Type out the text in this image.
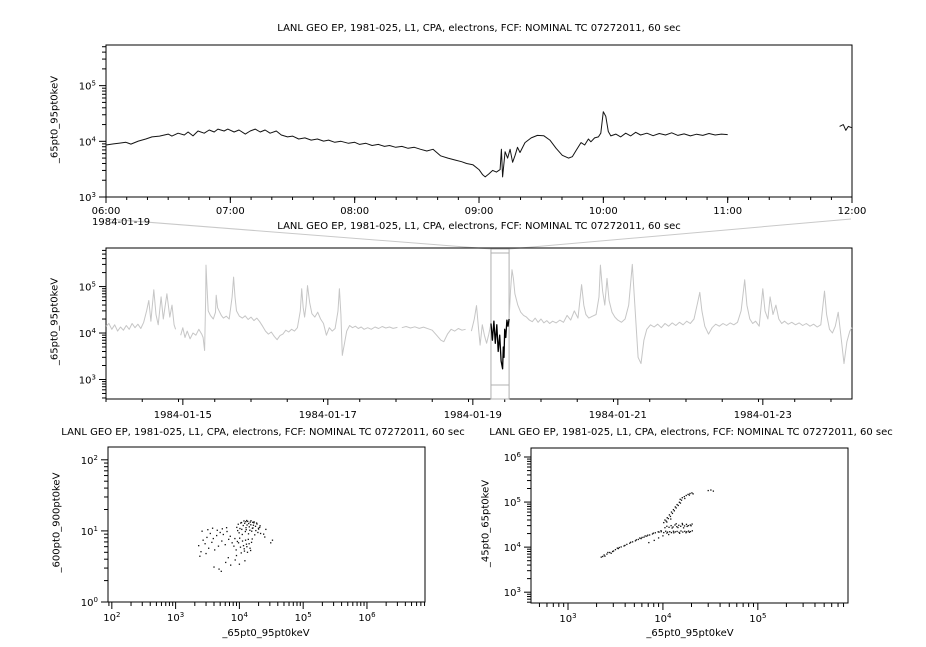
$10^3$
$10^4$
$10^5$
06:00	07:00	08:00	09:00	10:00	11:00	12:00
$10^3$
$10^4$
$10^5$
1984-01-15	1984-01-17	1984-01-19	1984-01-21	1984-01-23
$10^0$
$10^1$
$10^2$
$10^2$	$10^3$	$10^4$	$10^5$	$10^6$
$10^3$
$10^4$
$10^5$
$10^6$
$10^3$	$10^4$	$10^5$
LANL GEO EP, 1981-025, L1, CPA, electrons, FCF: NOMINAL TC 07272011, 60 sec
LANL GEO EP, 1981-025, L1, CPA, electrons, FCF: NOMINAL TC 07272011, 60 sec
LANL GEO EP, 1981-025, L1, CPA, electrons, FCF: NOMINAL TC 07272011, 60 sec	LANL GEO EP, 1981-025, L1, CPA, electrons, FCF: NOMINAL TC 07272011, 60 sec
1984-01-19
_65pt0_95pt0keV
_65pt0_95pt0keV
_600pt0_900pt0keV	_45pt0_65pt0keV
_65pt0_95pt0keV	_65pt0_95pt0keV
